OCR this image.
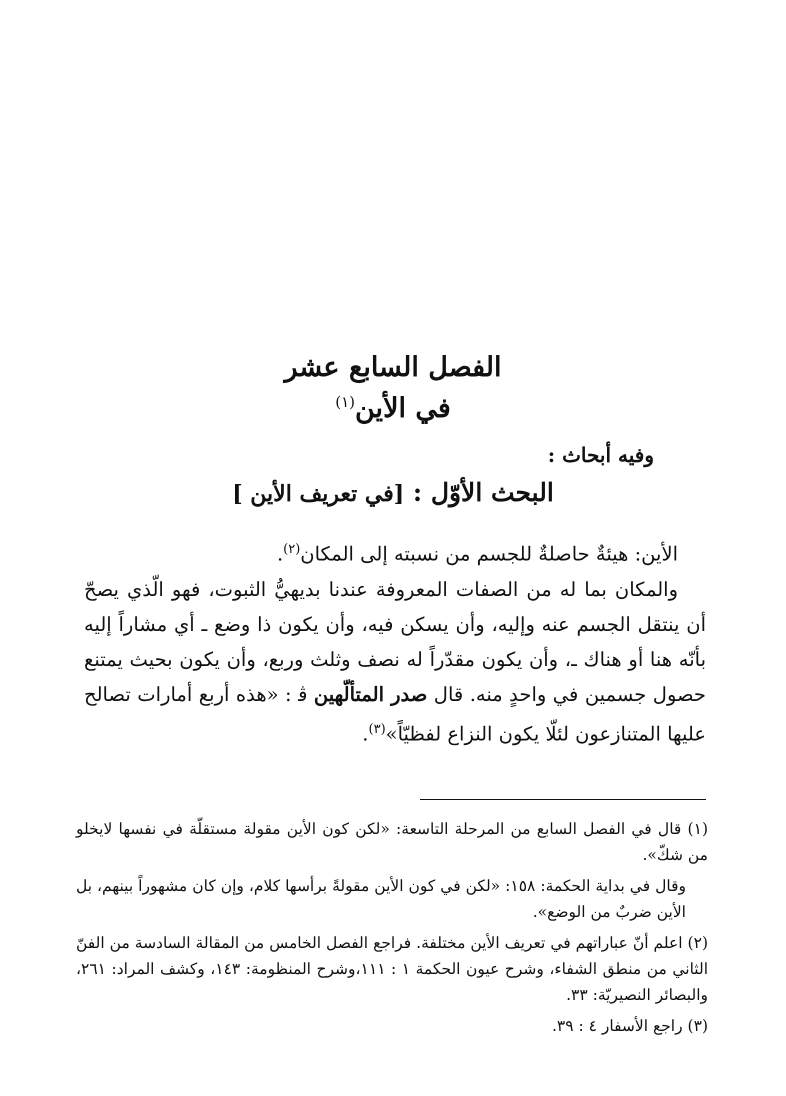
الفصل السابع عشر
في الأين$^{(١)}$
وفيه أبحاث :
البحث الأوّل : [في تعريف الأين ]

الأين: هيئةٌ حاصلةٌ للجسم من نسبته إلى المكان$^{(٢)}$.

والمكان بما له من الصفات المعروفة عندنا بديهيُّ الثبوت، فهو الّذي يصحّ أن ينتقل الجسم عنه وإليه، وأن يسكن فيه، وأن يكون ذا وضع ـ أي مشاراً إليه بأنّه هنا أو هناك ـ، وأن يكون مقدّراً له نصف وثلث وربع، وأن يكون بحيث يمتنع حصول جسمين في واحدٍ منه. قال صدر المتألّهين ﭬ : «هذه أربع أمارات تصالح عليها المتنازعون لئلّا يكون النزاع لفظيّاً»$^{(٣)}$.

(١) قال في الفصل السابع من المرحلة التاسعة: «لكن كون الأين مقولة مستقلّة في نفسها لايخلو من شكّ».

وقال في بداية الحكمة: ١٥٨: «لكن في كون الأين مقولةً برأسها كلام، وإن كان مشهوراً بينهم، بل الأين ضربٌ من الوضع».

(٢) اعلم أنّ عباراتهم في تعريف الأين مختلفة. فراجع الفصل الخامس من المقالة السادسة من الفنّ الثاني من منطق الشفاء، وشرح عيون الحكمة ١ : ١١١،وشرح المنظومة: ١٤٣، وكشف المراد: ٢٦١، والبصائر النصيريّة: ٣٣.

(٣) راجع الأسفار ٤ : ٣٩.
